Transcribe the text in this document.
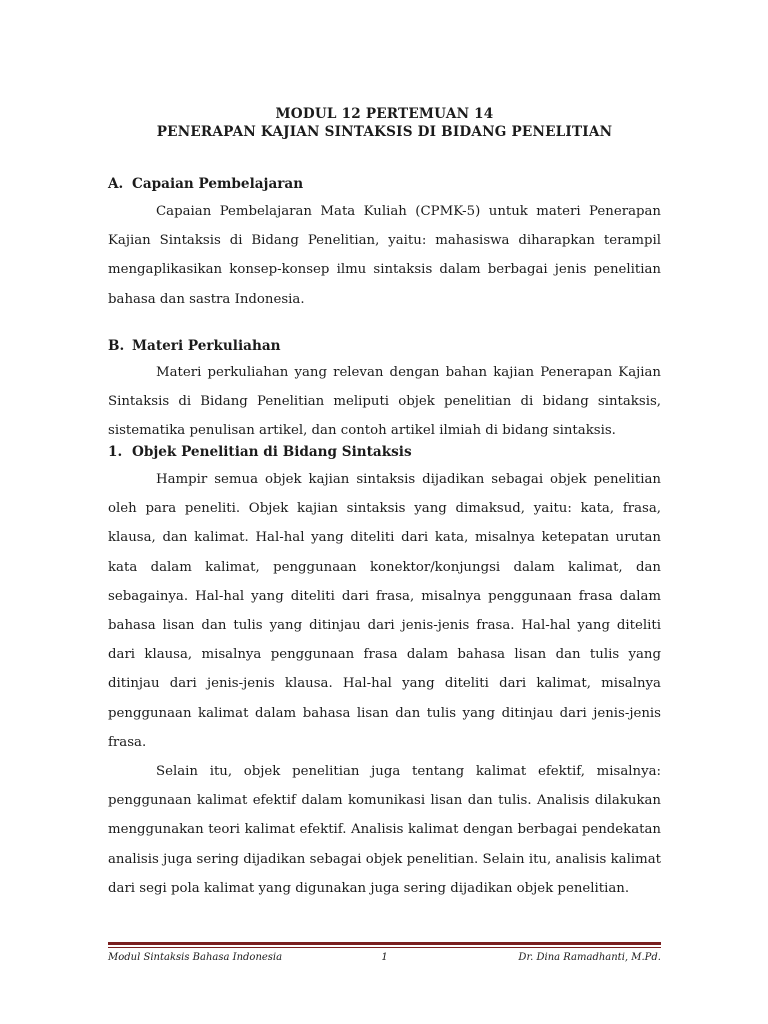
MODUL 12 PERTEMUAN 14
PENERAPAN KAJIAN SINTAKSIS DI BIDANG PENELITIAN
A. Capaian Pembelajaran

Capaian Pembelajaran Mata Kuliah (CPMK-5) untuk materi Penerapan Kajian Sintaksis di Bidang Penelitian, yaitu: mahasiswa diharapkan terampil mengaplikasikan konsep-konsep ilmu sintaksis dalam berbagai jenis penelitian bahasa dan sastra Indonesia.

B. Materi Perkuliahan

Materi perkuliahan yang relevan dengan bahan kajian Penerapan Kajian Sintaksis di Bidang Penelitian meliputi objek penelitian di bidang sintaksis, sistematika penulisan artikel, dan contoh artikel ilmiah di bidang sintaksis.

1. Objek Penelitian di Bidang Sintaksis

Hampir semua objek kajian sintaksis dijadikan sebagai objek penelitian oleh para peneliti. Objek kajian sintaksis yang dimaksud, yaitu: kata, frasa, klausa, dan kalimat. Hal-hal yang diteliti dari kata, misalnya ketepatan urutan kata dalam kalimat, penggunaan konektor/konjungsi dalam kalimat, dan sebagainya. Hal-hal yang diteliti dari frasa, misalnya penggunaan frasa dalam bahasa lisan dan tulis yang ditinjau dari jenis-jenis frasa. Hal-hal yang diteliti dari klausa, misalnya penggunaan frasa dalam bahasa lisan dan tulis yang ditinjau dari jenis-jenis klausa. Hal-hal yang diteliti dari kalimat, misalnya penggunaan kalimat dalam bahasa lisan dan tulis yang ditinjau dari jenis-jenis frasa.

Selain itu, objek penelitian juga tentang kalimat efektif, misalnya: penggunaan kalimat efektif dalam komunikasi lisan dan tulis. Analisis dilakukan menggunakan teori kalimat efektif. Analisis kalimat dengan berbagai pendekatan analisis juga sering dijadikan sebagai objek penelitian. Selain itu, analisis kalimat dari segi pola kalimat yang digunakan juga sering dijadikan objek penelitian.

Modul Sintaksis Bahasa Indonesia	1	Dr. Dina Ramadhanti, M.Pd.
